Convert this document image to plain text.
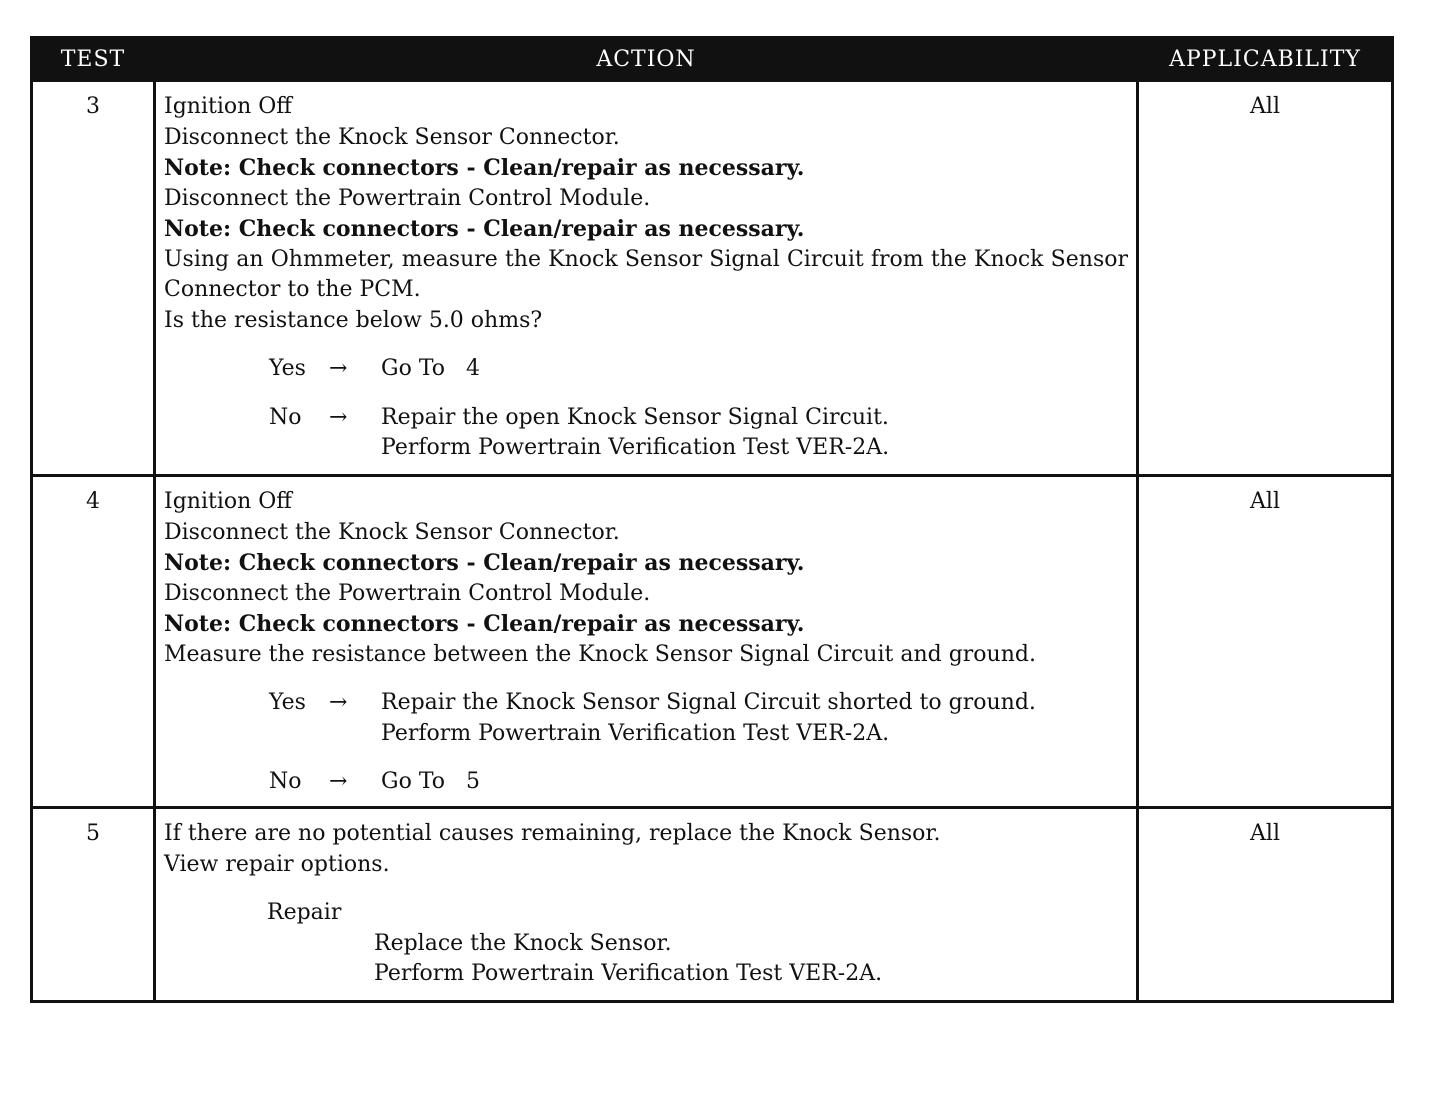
TEST	ACTION	APPLICABILITY
3	Ignition Off
Disconnect the Knock Sensor Connector.
Note: Check connectors - Clean/repair as necessary.
Disconnect the Powertrain Control Module.
Note: Check connectors - Clean/repair as necessary.
Using an Ohmmeter, measure the Knock Sensor Signal Circuit from the Knock Sensor Connector to the PCM.
Is the resistance below 5.0 ohms?
Yes	→	Go To   4
No	→	Repair the open Knock Sensor Signal Circuit.
Perform Powertrain Verification Test VER-2A.
All
4	Ignition Off
Disconnect the Knock Sensor Connector.
Note: Check connectors - Clean/repair as necessary.
Disconnect the Powertrain Control Module.
Note: Check connectors - Clean/repair as necessary.
Measure the resistance between the Knock Sensor Signal Circuit and ground.
Yes	→	Repair the Knock Sensor Signal Circuit shorted to ground.
Perform Powertrain Verification Test VER-2A.
No	→	Go To   5
All
5	If there are no potential causes remaining, replace the Knock Sensor.
View repair options.
Repair
Replace the Knock Sensor.
Perform Powertrain Verification Test VER-2A.
All
